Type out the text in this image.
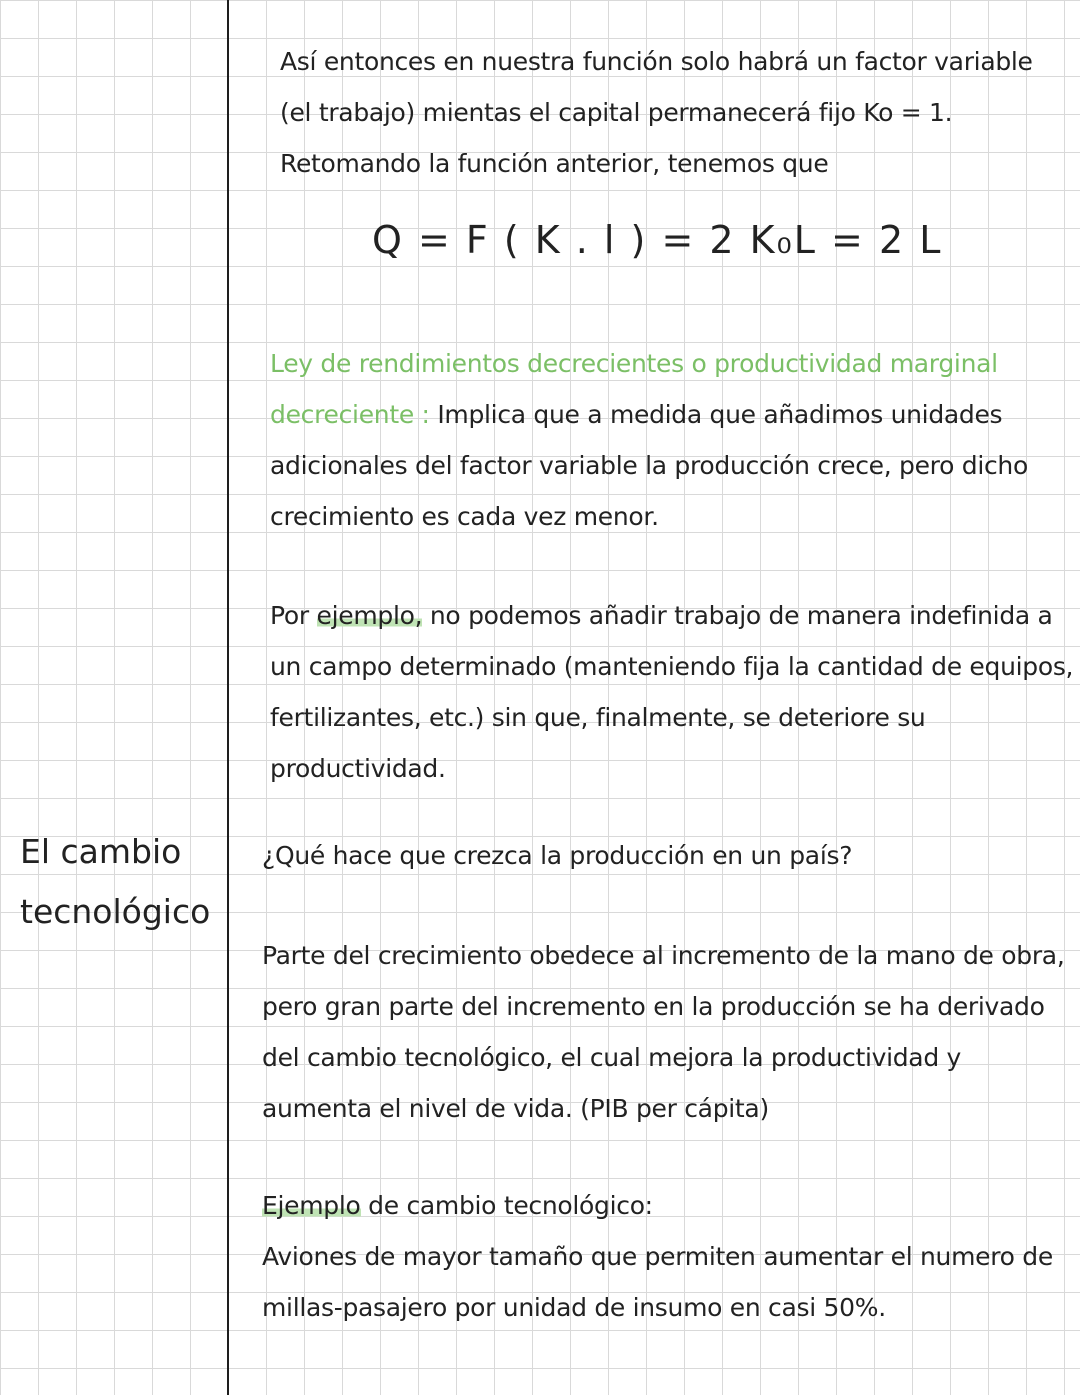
El cambio
tecnológico

Así entonces en nuestra función solo habrá un factor variable
(el trabajo) mientas el capital permanecerá fijo Ko = 1.
Retomando la función anterior, tenemos que

Q = F ( K . l ) = 2 K₀L = 2 L

Ley de rendimientos decrecientes o productividad marginal
decreciente : Implica que a medida que añadimos unidades
adicionales del factor variable la producción crece, pero dicho
crecimiento es cada vez menor.

Por ejemplo, no podemos añadir trabajo de manera indefinida a
un campo determinado (manteniendo fija la cantidad de equipos,
fertilizantes, etc.) sin que, finalmente, se deteriore su
productividad.

¿Qué hace que crezca la producción en un país?

Parte del crecimiento obedece al incremento de la mano de obra,
pero gran parte del incremento en la producción se ha derivado
del cambio tecnológico, el cual mejora la productividad y
aumenta el nivel de vida. (PIB per cápita)

Ejemplo de cambio tecnológico:
Aviones de mayor tamaño que permiten aumentar el numero de
millas-pasajero por unidad de insumo en casi 50%.
